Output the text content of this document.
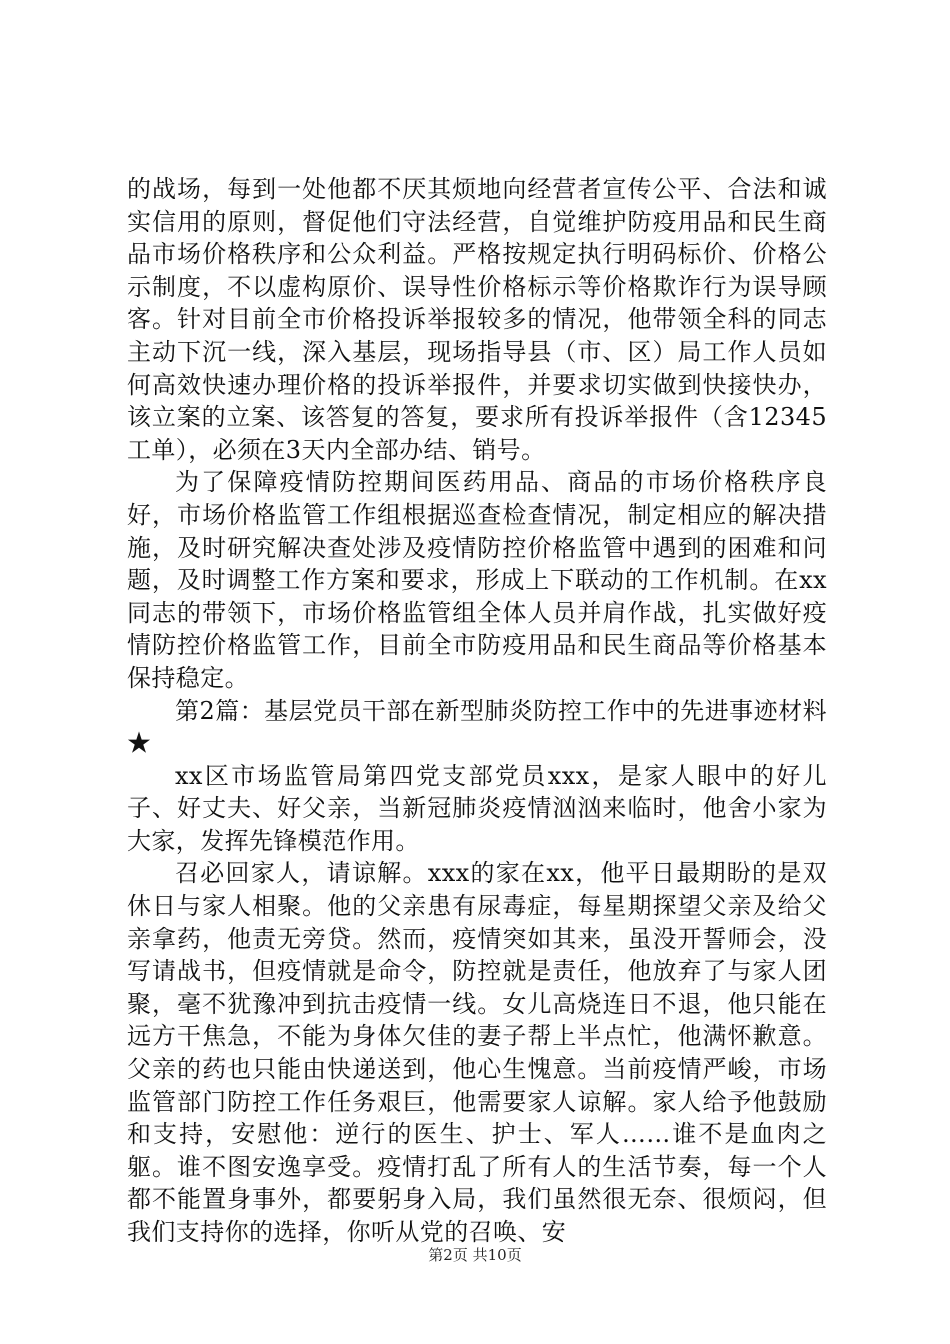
的战场，每到一处他都不厌其烦地向经营者宣传公平、合法和诚实信用的原则，督促他们守法经营，自觉维护防疫用品和民生商品市场价格秩序和公众利益。严格按规定执行明码标价、价格公示制度，不以虚构原价、误导性价格标示等价格欺诈行为误导顾客。针对目前全市价格投诉举报较多的情况，他带领全科的同志主动下沉一线，深入基层，现场指导县（市、区）局工作人员如何高效快速办理价格的投诉举报件，并要求切实做到快接快办，该立案的立案、该答复的答复，要求所有投诉举报件（含12345工单），必须在3天内全部办结、销号。

为了保障疫情防控期间医药用品、商品的市场价格秩序良好，市场价格监管工作组根据巡查检查情况，制定相应的解决措施，及时研究解决查处涉及疫情防控价格监管中遇到的困难和问题，及时调整工作方案和要求，形成上下联动的工作机制。在xx同志的带领下，市场价格监管组全体人员并肩作战，扎实做好疫情防控价格监管工作，目前全市防疫用品和民生商品等价格基本保持稳定。

第2篇：基层党员干部在新型肺炎防控工作中的先进事迹材料★

xx区市场监管局第四党支部党员xxx，是家人眼中的好儿子、好丈夫、好父亲，当新冠肺炎疫情汹汹来临时，他舍小家为大家，发挥先锋模范作用。

召必回家人，请谅解。xxx的家在xx，他平日最期盼的是双休日与家人相聚。他的父亲患有尿毒症，每星期探望父亲及给父亲拿药，他责无旁贷。然而，疫情突如其来，虽没开誓师会，没写请战书，但疫情就是命令，防控就是责任，他放弃了与家人团聚，毫不犹豫冲到抗击疫情一线。女儿高烧连日不退，他只能在远方干焦急，不能为身体欠佳的妻子帮上半点忙，他满怀歉意。父亲的药也只能由快递送到，他心生愧意。当前疫情严峻，市场监管部门防控工作任务艰巨，他需要家人谅解。家人给予他鼓励和支持，安慰他：逆行的医生、护士、军人……谁不是血肉之躯。谁不图安逸享受。疫情打乱了所有人的生活节奏，每一个人都不能置身事外，都要躬身入局，我们虽然很无奈、很烦闷，但我们支持你的选择，你听从党的召唤、安

第2页 共10页
